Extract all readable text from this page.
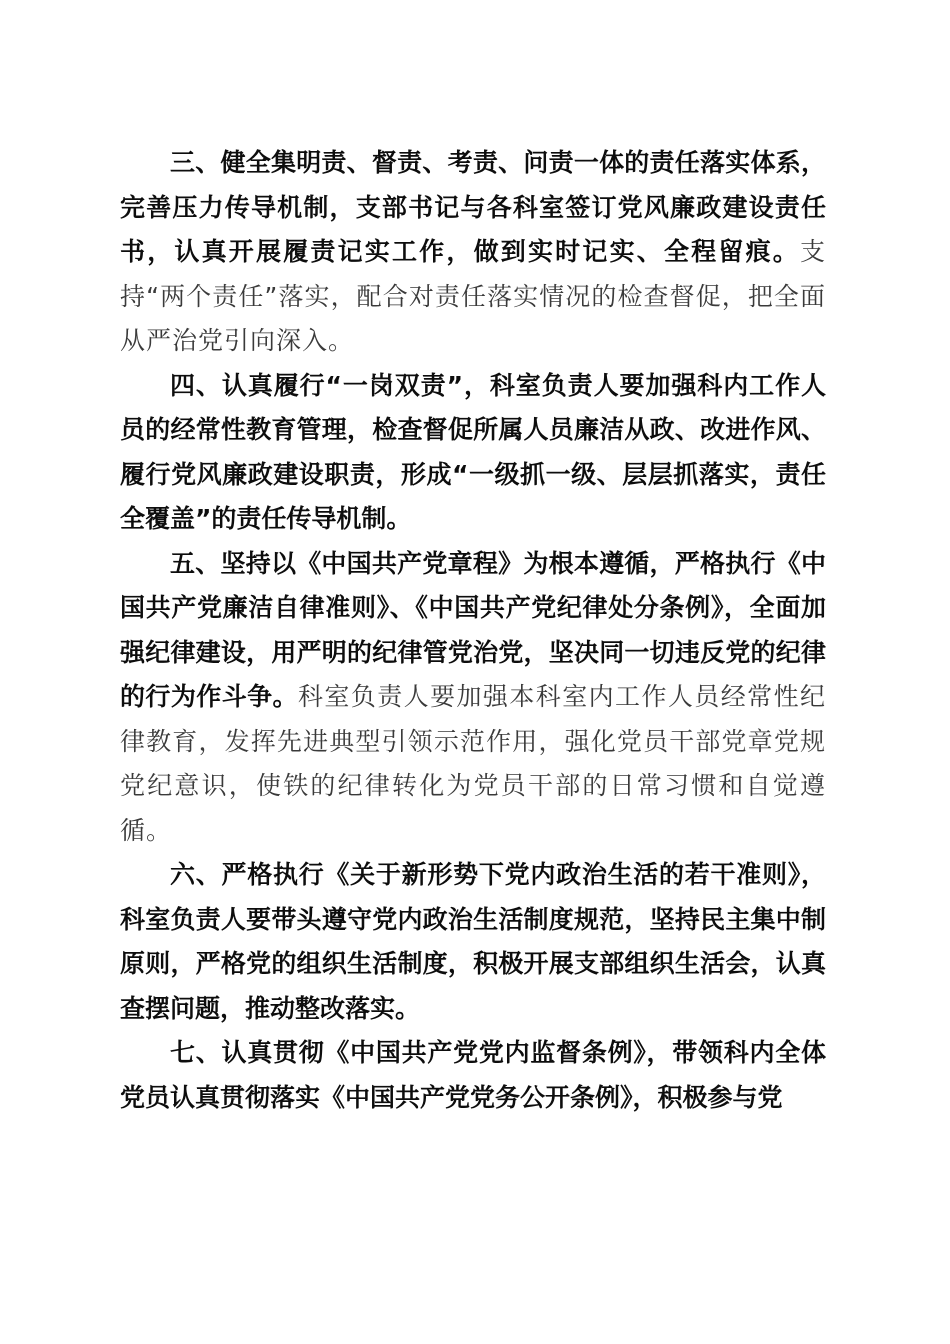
三、健全集明责、督责、考责、问责一体的责任落实体系，完善压力传导机制，支部书记与各科室签订党风廉政建设责任书，认真开展履责记实工作，做到实时记实、全程留痕。支持“两个责任”落实，配合对责任落实情况的检查督促，把全面从严治党引向深入。

四、认真履行“一岗双责”，科室负责人要加强科内工作人员的经常性教育管理，检查督促所属人员廉洁从政、改进作风、履行党风廉政建设职责，形成“一级抓一级、层层抓落实，责任全覆盖”的责任传导机制。

五、坚持以《中国共产党章程》为根本遵循，严格执行《中国共产党廉洁自律准则》、《中国共产党纪律处分条例》，全面加强纪律建设，用严明的纪律管党治党，坚决同一切违反党的纪律的行为作斗争。科室负责人要加强本科室内工作人员经常性纪律教育，发挥先进典型引领示范作用，强化党员干部党章党规党纪意识，使铁的纪律转化为党员干部的日常习惯和自觉遵循。

六、严格执行《关于新形势下党内政治生活的若干准则》，科室负责人要带头遵守党内政治生活制度规范，坚持民主集中制原则，严格党的组织生活制度，积极开展支部组织生活会，认真查摆问题，推动整改落实。

七、认真贯彻《中国共产党党内监督条例》，带领科内全体党员认真贯彻落实《中国共产党党务公开条例》，积极参与党
